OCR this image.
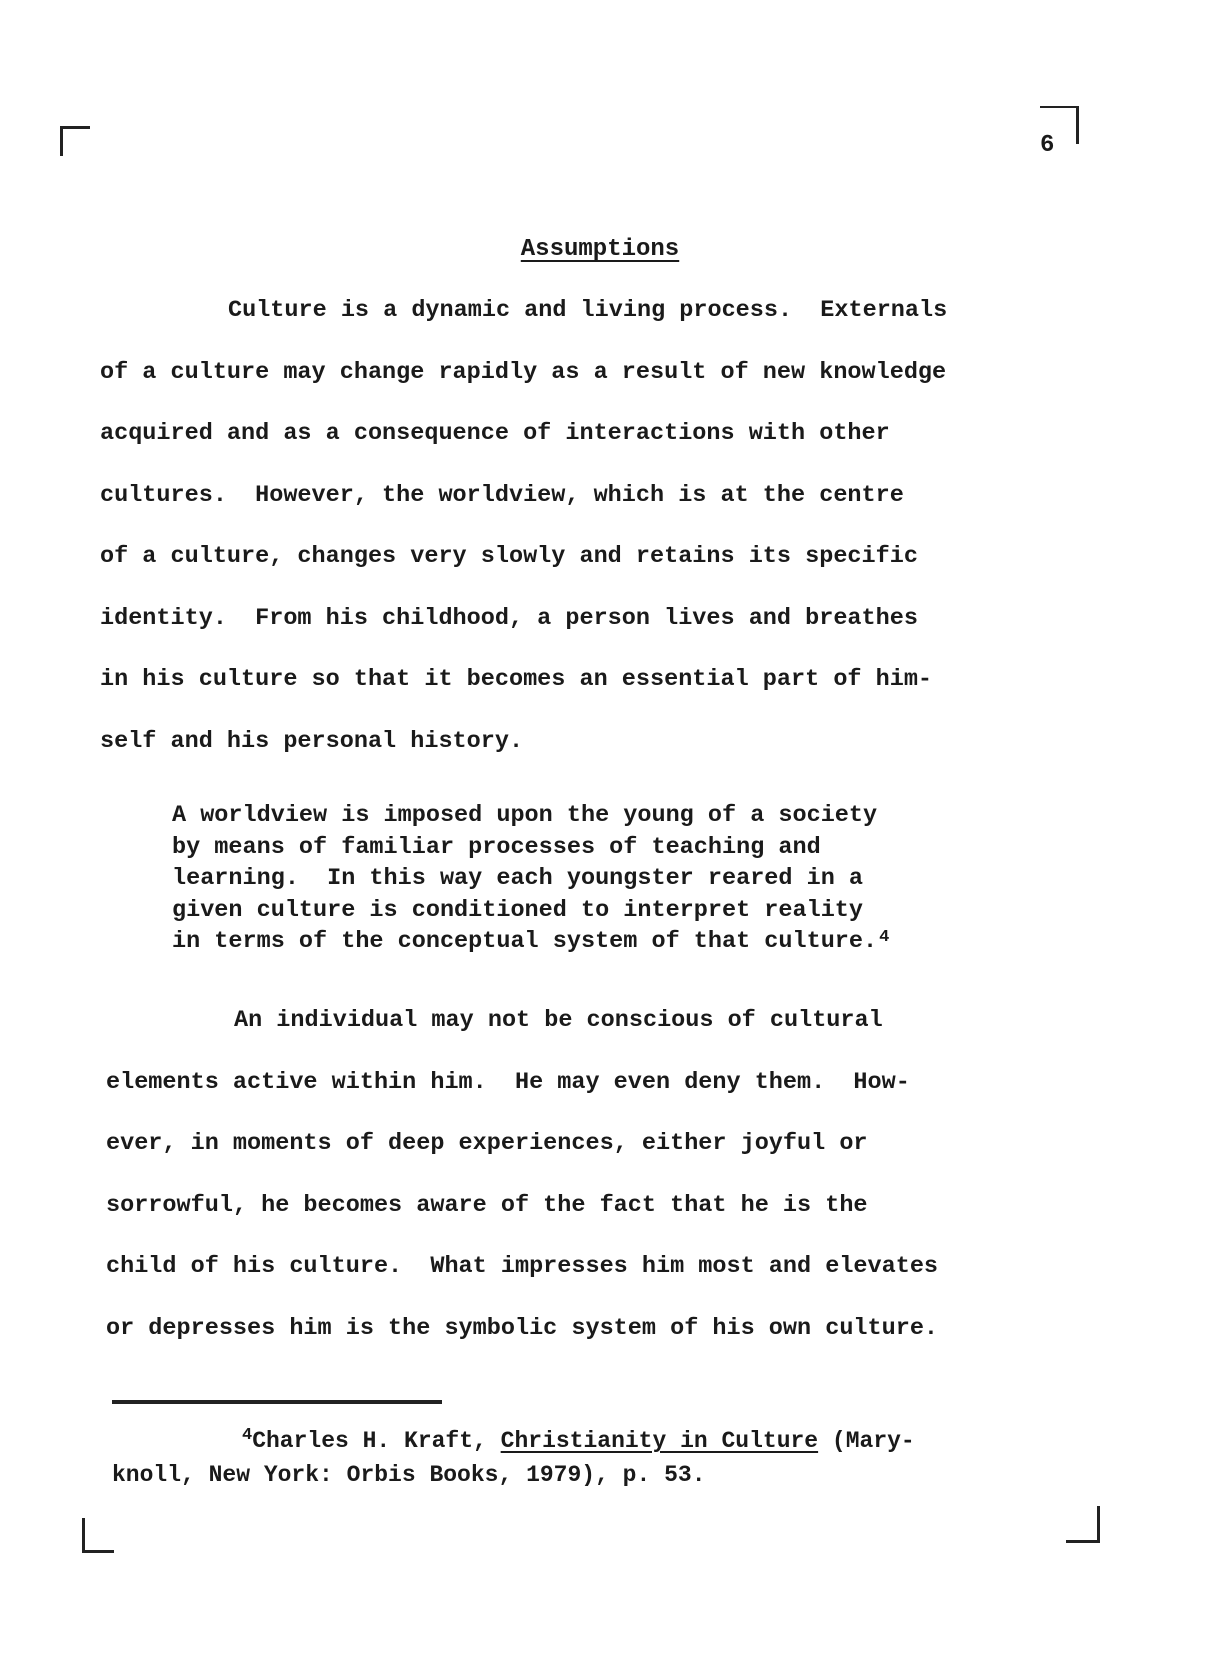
6
Assumptions
Culture is a dynamic and living process.  Externals
of a culture may change rapidly as a result of new knowledge
acquired and as a consequence of interactions with other
cultures.  However, the worldview, which is at the centre
of a culture, changes very slowly and retains its specific
identity.  From his childhood, a person lives and breathes
in his culture so that it becomes an essential part of him-
self and his personal history.
A worldview is imposed upon the young of a society
by means of familiar processes of teaching and
learning.  In this way each youngster reared in a
given culture is conditioned to interpret reality
in terms of the conceptual system of that culture. $^4$
An individual may not be conscious of cultural
elements active within him.  He may even deny them.  How-
ever, in moments of deep experiences, either joyful or
sorrowful, he becomes aware of the fact that he is the
child of his culture.  What impresses him most and elevates
or depresses him is the symbolic system of his own culture.
$^4$Charles H. Kraft, Christianity in Culture (Mary-
knoll, New York: Orbis Books, 1979), p. 53.
